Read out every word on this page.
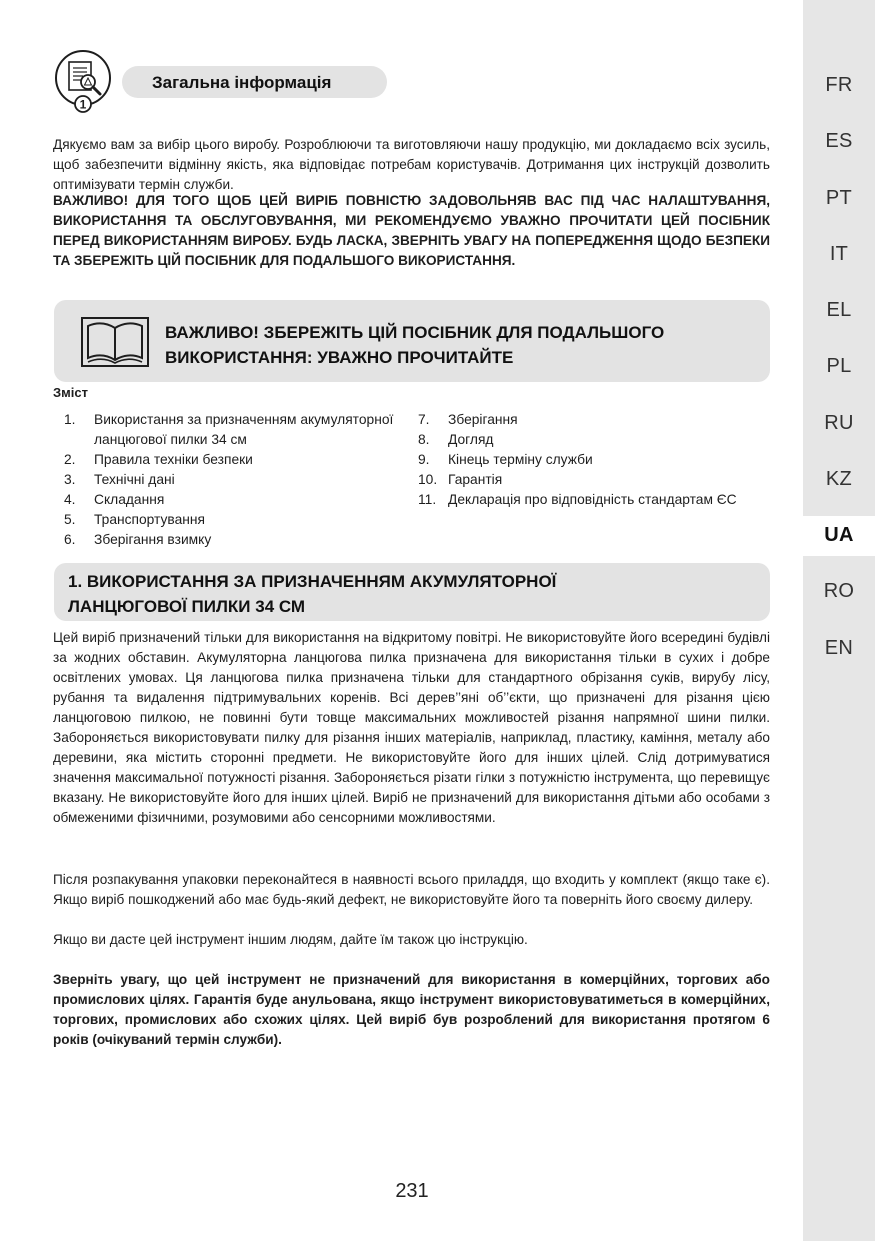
FR
ES
PT
IT
EL
PL
RU
KZ
UA
RO
EN
Загальна інформація
1
Дякуємо вам за вибір цього виробу. Розроблюючи та виготовляючи нашу продукцію, ми докладаємо всіх зусиль, щоб забезпечити відмінну якість, яка відповідає потребам користувачів. Дотримання цих інструкцій дозволить оптимізувати термін служби.
ВАЖЛИВО! ДЛЯ ТОГО ЩОБ ЦЕЙ ВИРІБ ПОВНІСТЮ ЗАДОВОЛЬНЯВ ВАС ПІД ЧАС НАЛАШТУВАННЯ, ВИКОРИСТАННЯ ТА ОБСЛУГОВУВАННЯ, МИ РЕКОМЕНДУЄМО УВАЖНО ПРОЧИТАТИ ЦЕЙ ПОСІБНИК ПЕРЕД ВИКОРИСТАННЯМ ВИРОБУ. БУДЬ ЛАСКА, ЗВЕРНІТЬ УВАГУ НА ПОПЕРЕДЖЕННЯ ЩОДО БЕЗПЕКИ ТА ЗБЕРЕЖІТЬ ЦІЙ ПОСІБНИК ДЛЯ ПОДАЛЬШОГО ВИКОРИСТАННЯ.
ВАЖЛИВО! ЗБЕРЕЖІТЬ ЦІЙ ПОСІБНИК ДЛЯ ПОДАЛЬШОГО
ВИКОРИСТАННЯ: УВАЖНО ПРОЧИТАЙТЕ
Зміст
1. Використання за призначенням акумуляторної ланцюгової пилки 34 см
2. Правила техніки безпеки
3. Технічні дані
4. Складання
5. Транспортування
6. Зберігання взимку
7. Зберігання
8. Догляд
9. Кінець терміну служби
10. Гарантія
11. Декларація про відповідність стандартам ЄС
1. ВИКОРИСТАННЯ ЗА ПРИЗНАЧЕННЯМ АКУМУЛЯТОРНОЇ
ЛАНЦЮГОВОЇ ПИЛКИ 34 СМ
Цей виріб призначений тільки для використання на відкритому повітрі. Не використовуйте його всередині будівлі за жодних обставин. Акумуляторна ланцюгова пилка призначена для використання тільки в сухих і добре освітлених умовах. Ця ланцюгова пилка призначена тільки для стандартного обрізання суків, вирубу лісу, рубання та видалення підтримувальних коренів. Всі дерев’’яні об’’єкти, що призначені для різання цією ланцюговою пилкою, не повинні бути товще максимальних можливостей різання напрямної шини пилки. Забороняється використовувати пилку для різання інших матеріалів, наприклад, пластику, каміння, металу або деревини, яка містить сторонні предмети. Не використовуйте його для інших цілей. Слід дотримуватися значення максимальної потужності різання. Забороняється різати гілки з потужністю інструмента, що перевищує вказану. Не використовуйте його для інших цілей. Виріб не призначений для використання дітьми або особами з обмеженими фізичними, розумовими або сенсорними можливостями.
Після розпакування упаковки переконайтеся в наявності всього приладдя, що входить у комплект (якщо таке є). Якщо виріб пошкоджений або має будь-який дефект, не використовуйте його та поверніть його своєму дилеру.
Якщо ви дасте цей інструмент іншим людям, дайте їм також цю інструкцію.
Зверніть увагу, що цей інструмент не призначений для використання в комерційних, торгових або промислових цілях. Гарантія буде анульована, якщо інструмент використовуватиметься в комерційних, торгових, промислових або схожих цілях. Цей виріб був розроблений для використання протягом 6 років (очікуваний термін служби).
231
